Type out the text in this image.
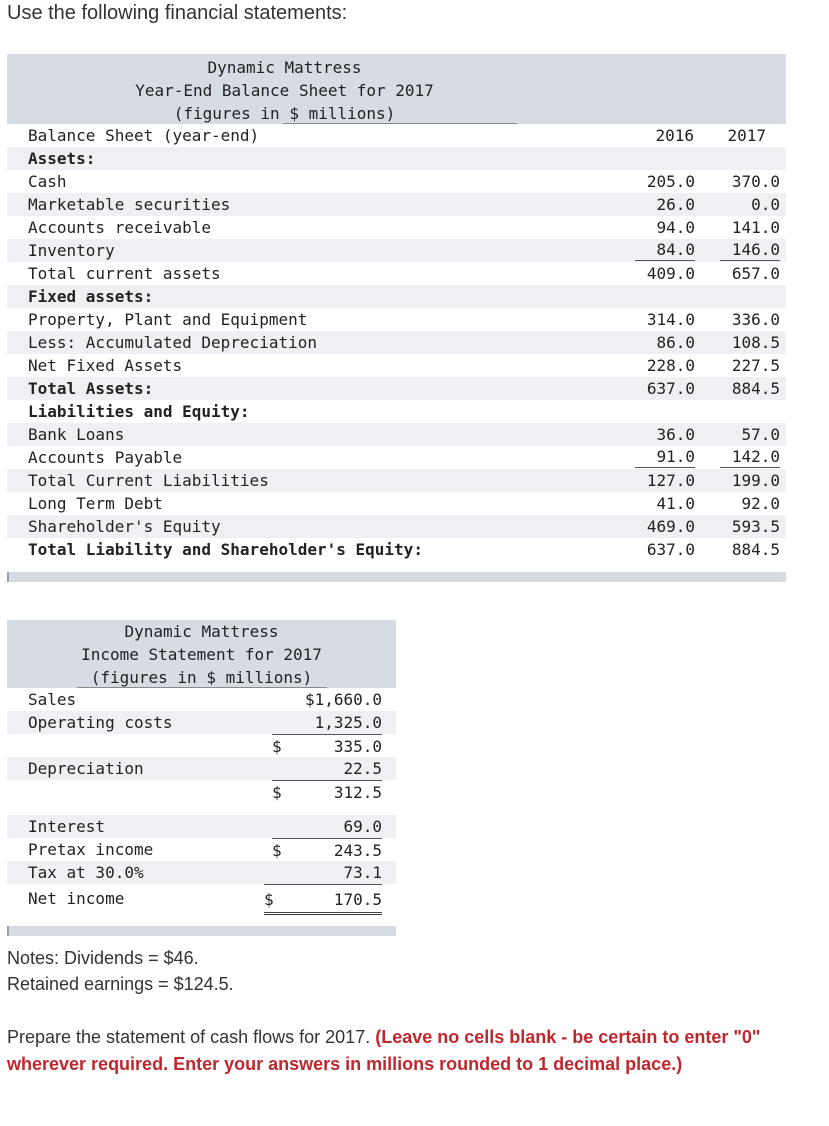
Use the following financial statements:
Dynamic Mattress
Year-End Balance Sheet for 2017
(figures in $ millions)
Balance Sheet (year-end)	2016	2017
Assets:
Cash	205.0	370.0
Marketable securities	26.0	0.0
Accounts receivable	94.0	141.0
Inventory	84.0	146.0
Total current assets	409.0	657.0
Fixed assets:
Property, Plant and Equipment	314.0	336.0
Less: Accumulated Depreciation	86.0	108.5
Net Fixed Assets	228.0	227.5
Total Assets:	637.0	884.5
Liabilities and Equity:
Bank Loans	36.0	57.0
Accounts Payable	91.0	142.0
Total Current Liabilities	127.0	199.0
Long Term Debt	41.0	92.0
Shareholder's Equity	469.0	593.5
Total Liability and Shareholder's Equity:	637.0	884.5
Dynamic Mattress
Income Statement for 2017
(figures in $ millions)
Sales	$1,660.0
Operating costs	1,325.0
$	335.0
Depreciation	22.5
$	312.5
Interest	69.0
Pretax income	$	243.5
Tax at 30.0%	73.1
Net income	$	170.5
Notes: Dividends = $46.
Retained earnings = $124.5.
Prepare the statement of cash flows for 2017. (Leave no cells blank - be certain to enter "0" wherever required. Enter your answers in millions rounded to 1 decimal place.)
